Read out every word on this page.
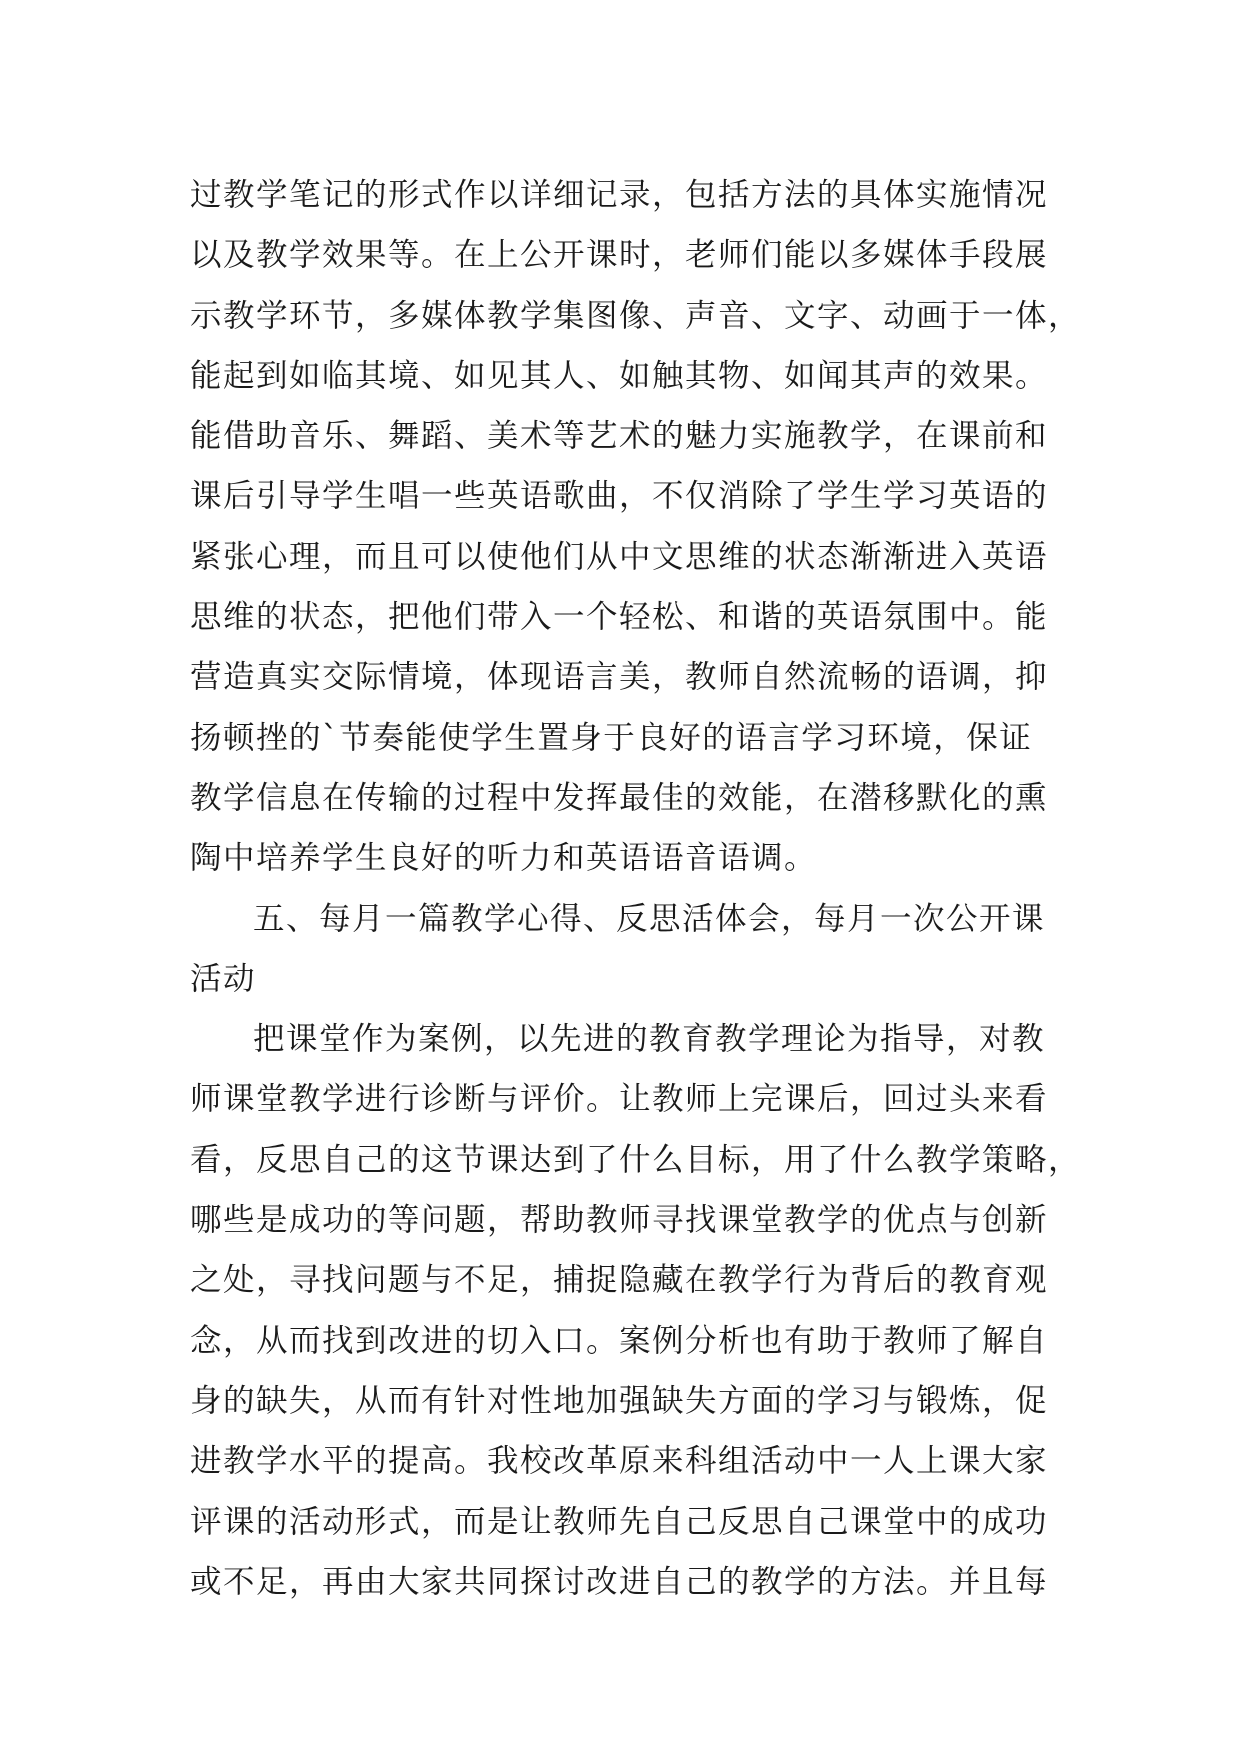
过教学笔记的形式作以详细记录，包括方法的具体实施情况
以及教学效果等。在上公开课时，老师们能以多媒体手段展
示教学环节，多媒体教学集图像、声音、文字、动画于一体，
能起到如临其境、如见其人、如触其物、如闻其声的效果。
能借助音乐、舞蹈、美术等艺术的魅力实施教学，在课前和
课后引导学生唱一些英语歌曲，不仅消除了学生学习英语的
紧张心理，而且可以使他们从中文思维的状态渐渐进入英语
思维的状态，把他们带入一个轻松、和谐的英语氛围中。能
营造真实交际情境，体现语言美，教师自然流畅的语调，抑
扬顿挫的`节奏能使学生置身于良好的语言学习环境，保证
教学信息在传输的过程中发挥最佳的效能，在潜移默化的熏
陶中培养学生良好的听力和英语语音语调。
五、每月一篇教学心得、反思活体会，每月一次公开课
活动
把课堂作为案例，以先进的教育教学理论为指导，对教
师课堂教学进行诊断与评价。让教师上完课后，回过头来看
看，反思自己的这节课达到了什么目标，用了什么教学策略，
哪些是成功的等问题，帮助教师寻找课堂教学的优点与创新
之处，寻找问题与不足，捕捉隐藏在教学行为背后的教育观
念，从而找到改进的切入口。案例分析也有助于教师了解自
身的缺失，从而有针对性地加强缺失方面的学习与锻炼，促
进教学水平的提高。我校改革原来科组活动中一人上课大家
评课的活动形式，而是让教师先自己反思自己课堂中的成功
或不足，再由大家共同探讨改进自己的教学的方法。并且每
